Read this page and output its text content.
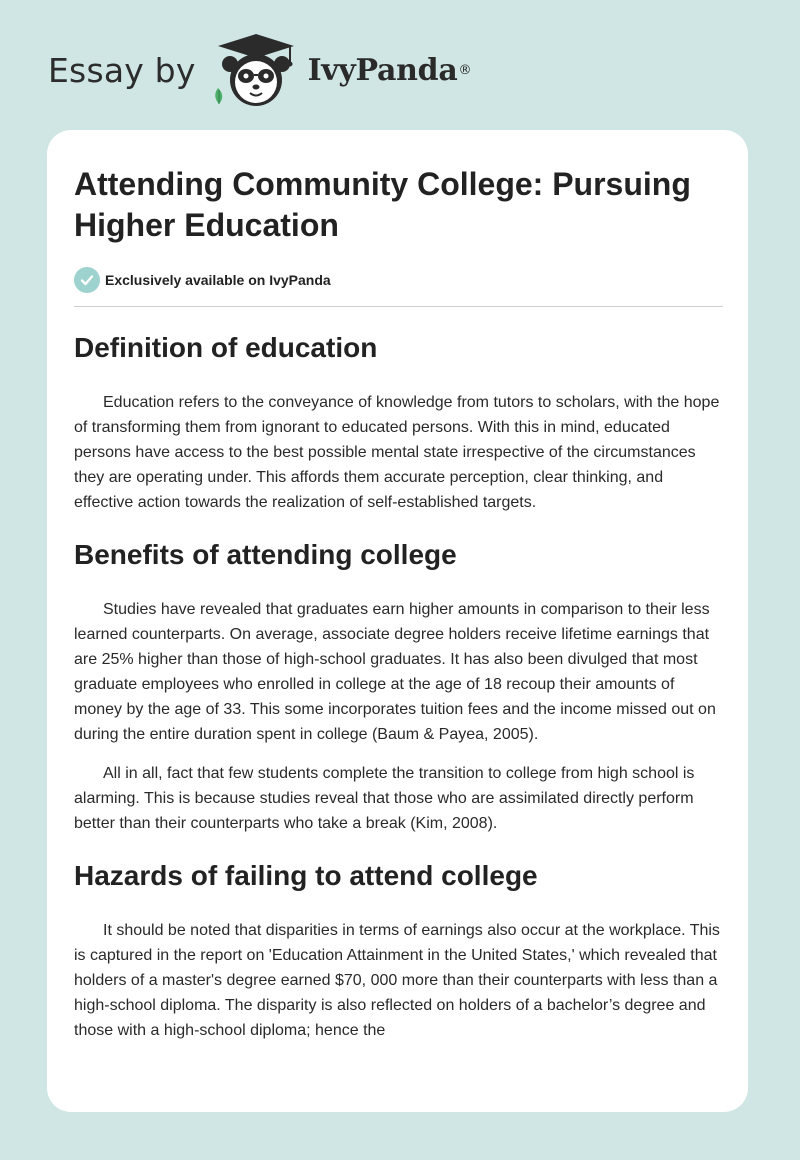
Essay by	IvyPanda ®
Attending Community College: Pursuing Higher Education
Exclusively available on IvyPanda
Definition of education

Education refers to the conveyance of knowledge from tutors to scholars, with the hope of transforming them from ignorant to educated persons. With this in mind, educated persons have access to the best possible mental state irrespective of the circumstances they are operating under. This affords them accurate perception, clear thinking, and effective action towards the realization of self-established targets.

Benefits of attending college

Studies have revealed that graduates earn higher amounts in comparison to their less learned counterparts. On average, associate degree holders receive lifetime earnings that are 25% higher than those of high-school graduates. It has also been divulged that most graduate employees who enrolled in college at the age of 18 recoup their amounts of money by the age of 33. This some incorporates tuition fees and the income missed out on during the entire duration spent in college (Baum & Payea, 2005).

All in all, fact that few students complete the transition to college from high school is alarming. This is because studies reveal that those who are assimilated directly perform better than their counterparts who take a break (Kim, 2008).

Hazards of failing to attend college

It should be noted that disparities in terms of earnings also occur at the workplace. This is captured in the report on 'Education Attainment in the United States,' which revealed that holders of a master's degree earned $70, 000 more than their counterparts with less than a high-school diploma. The disparity is also reflected on holders of a bachelor’s degree and those with a high-school diploma; hence the
